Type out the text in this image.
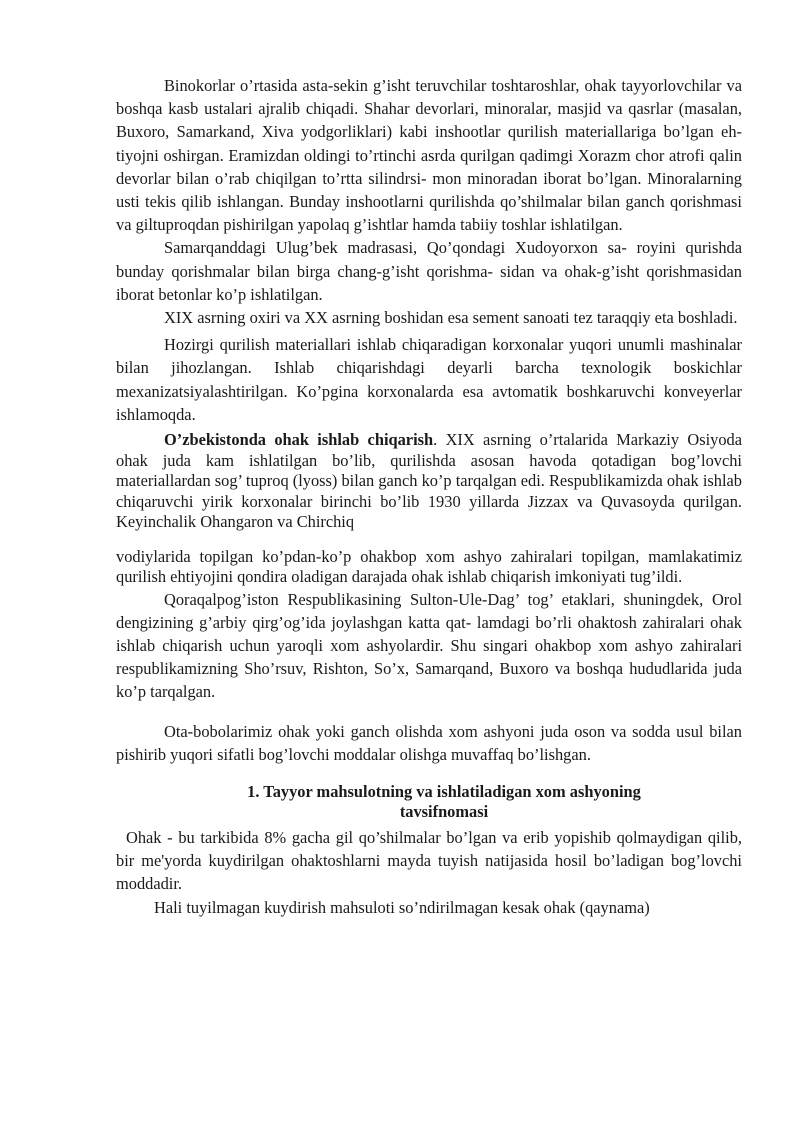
Binokorlar o’rtasida asta-sekin g’isht teruvchilar toshtaroshlar, ohak tayyorlovchilar va boshqa kasb ustalari ajralib chiqadi. Shahar devorlari, minoralar, masjid va qasrlar (masalan, Buxoro, Samarkand, Xiva yodgorliklari) kabi inshootlar qurilish materiallariga bo’lgan eh- tiyojni oshirgan. Eramizdan oldingi to’rtinchi asrda qurilgan qadimgi Xorazm chor atrofi qalin devorlar bilan o’rab chiqilgan to’rtta silindrsi- mon minoradan iborat bo’lgan. Minoralarning usti tekis qilib ishlangan. Bunday inshootlarni qurilishda qo’shilmalar bilan ganch qorishmasi va giltuproqdan pishirilgan yapolaq g’ishtlar hamda tabiiy toshlar ishlatilgan.

Samarqanddagi Ulug’bek madrasasi, Qo’qondagi Xudoyorxon sa- royini qurishda bunday qorishmalar bilan birga chang-g’isht qorishma- sidan va ohak-g’isht qorishmasidan iborat betonlar ko’p ishlatilgan.

XIX asrning oxiri va XX asrning boshidan esa sement sanoati tez taraqqiy eta boshladi.

Hozirgi qurilish materiallari ishlab chiqaradigan korxonalar yuqori unumli mashinalar bilan jihozlangan. Ishlab chiqarishdagi deyarli barcha texnologik boskichlar mexanizatsiyalashtirilgan. Ko’pgina korxonalarda esa avtomatik boshkaruvchi konveyerlar ishlamoqda.

O’zbekistonda ohak ishlab chiqarish. XIX asrning o’rtalarida Markaziy Osiyoda ohak juda kam ishlatilgan bo’lib, qurilishda asosan havoda qotadigan bog’lovchi materiallardan sog’ tuproq (lyoss) bilan ganch ko’p tarqalgan edi. Respublikamizda ohak ishlab chiqaruvchi yirik korxonalar birinchi bo’lib 1930 yillarda Jizzax va Quvasoyda qurilgan. Keyinchalik Ohangaron va Chirchiq

vodiylarida topilgan ko’pdan-ko’p ohakbop xom ashyo zahiralari topilgan, mamlakatimiz qurilish ehtiyojini qondira oladigan darajada ohak ishlab chiqarish imkoniyati tug’ildi.

Qoraqalpog’iston Respublikasining Sulton-Ule-Dag’ tog’ etaklari, shuningdek, Orol dengizining g’arbiy qirg’og’ida joylashgan katta qat- lamdagi bo’rli ohaktosh zahiralari ohak ishlab chiqarish uchun yaroqli xom ashyolardir. Shu singari ohakbop xom ashyo zahiralari respublikamizning Sho’rsuv, Rishton, So’x, Samarqand, Buxoro va boshqa hududlarida juda ko’p tarqalgan.

Ota-bobolarimiz ohak yoki ganch olishda xom ashyoni juda oson va sodda usul bilan pishirib yuqori sifatli bog’lovchi moddalar olishga muvaffaq bo’lishgan.

1. Tayyor mahsulotning va ishlatiladigan xom ashyoning

tavsifnomasi

Ohak - bu tarkibida 8% gacha gil qo’shilmalar bo’lgan va erib yopishib qolmaydigan qilib, bir me'yorda kuydirilgan ohaktoshlarni mayda tuyish natijasida hosil bo’ladigan bog’lovchi moddadir.

Hali tuyilmagan kuydirish mahsuloti so’ndirilmagan kesak ohak (qaynama)
